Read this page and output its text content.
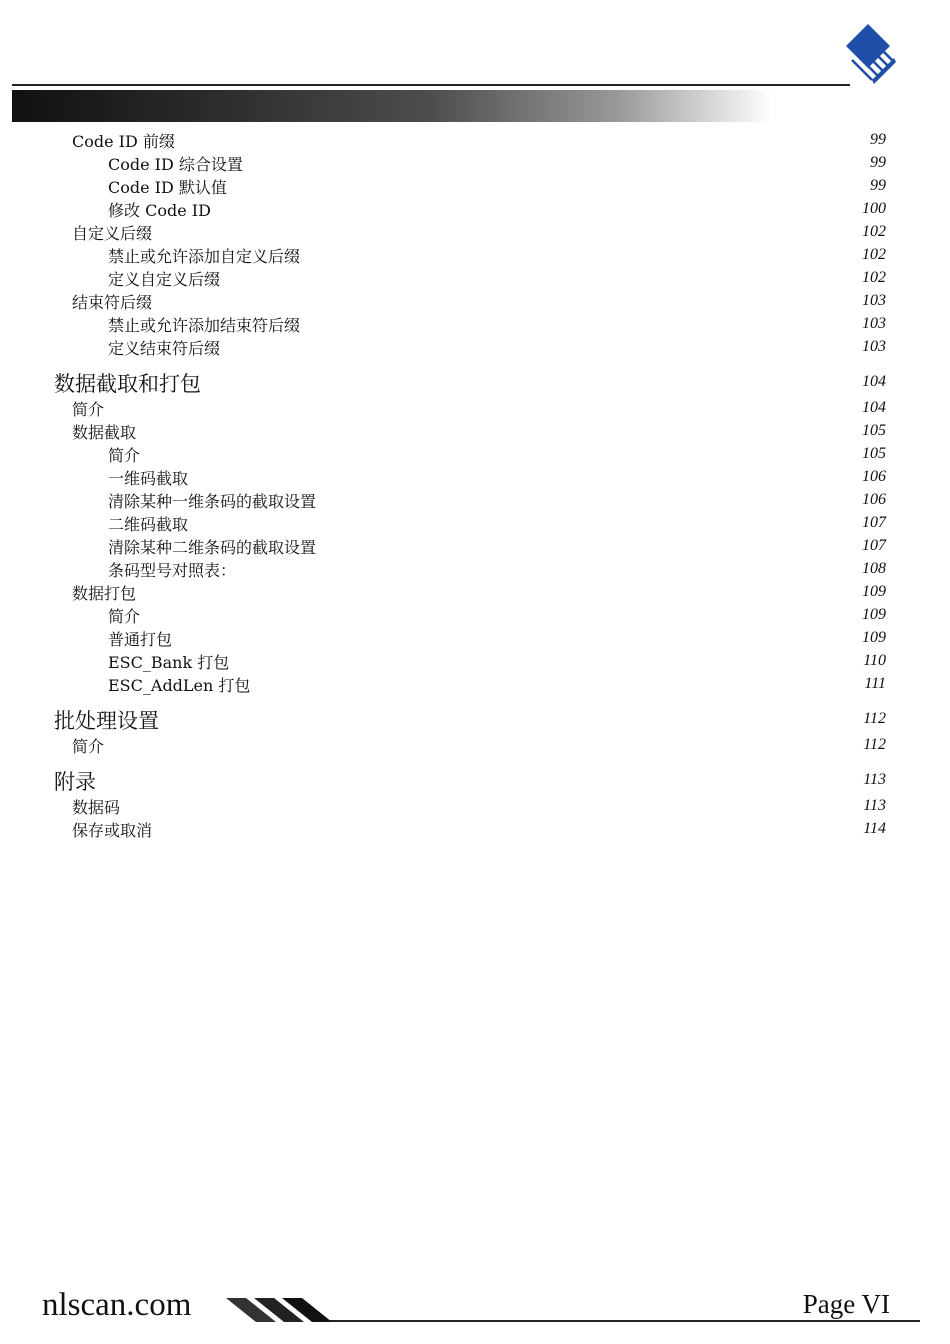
Code ID 前缀	99
Code ID 综合设置	99
Code ID 默认值	99
修改 Code ID	100
自定义后缀	102
禁止或允许添加自定义后缀	102
定义自定义后缀	102
结束符后缀	103
禁止或允许添加结束符后缀	103
定义结束符后缀	103
数据截取和打包	104
简介	104
数据截取	105
简介	105
一维码截取	106
清除某种一维条码的截取设置	106
二维码截取	107
清除某种二维条码的截取设置	107
条码型号对照表：	108
数据打包	109
简介	109
普通打包	109
ESC_Bank 打包	110
ESC_AddLen 打包	111
批处理设置	112
简介	112
附录	113
数据码	113
保存或取消	114
nlscan.com	Page VI
